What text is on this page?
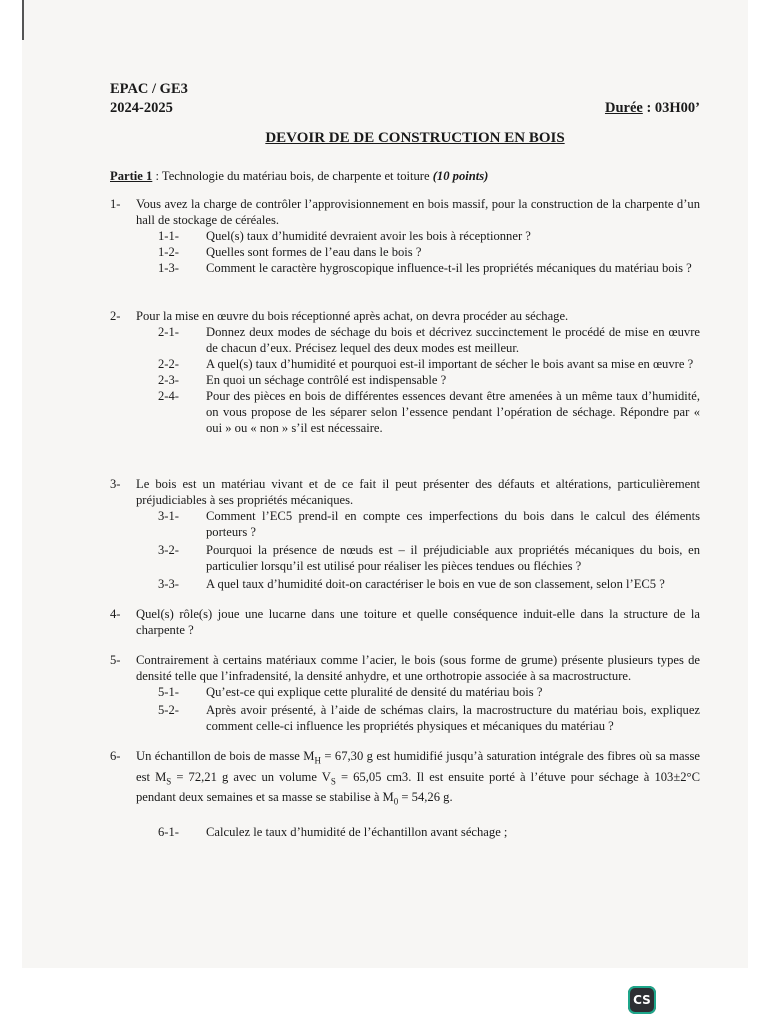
EPAC / GE3
2024-2025	Durée : 03H00’
DEVOIR DE DE CONSTRUCTION EN BOIS
Partie 1 : Technologie du matériau bois, de charpente et toiture (10 points)
1-	Vous avez la charge de contrôler l’approvisionnement en bois massif, pour la construction de la charpente d’un hall de stockage de céréales.
1-1-	Quel(s) taux d’humidité devraient avoir les bois à réceptionner ?
1-2-	Quelles sont formes de l’eau dans le bois ?
1-3-	Comment le caractère hygroscopique influence-t-il les propriétés mécaniques du matériau bois ?
2-	Pour la mise en œuvre du bois réceptionné après achat, on devra procéder au séchage.
2-1-	Donnez deux modes de séchage du bois et décrivez succinctement le procédé de mise en œuvre de chacun d’eux. Précisez lequel des deux modes est meilleur.
2-2-	A quel(s) taux d’humidité et pourquoi est-il important de sécher le bois avant sa mise en œuvre ?
2-3-	En quoi un séchage contrôlé est indispensable ?
2-4-	Pour des pièces en bois de différentes essences devant être amenées à un même taux d’humidité, on vous propose de les séparer selon l’essence pendant l’opération de séchage. Répondre par « oui » ou « non » s’il est nécessaire.
3-	Le bois est un matériau vivant et de ce fait il peut présenter des défauts et altérations, particulièrement préjudiciables à ses propriétés mécaniques.
3-1-	Comment l’EC5 prend-il en compte ces imperfections du bois dans le calcul des éléments porteurs ?
3-2-	Pourquoi la présence de nœuds est – il préjudiciable aux propriétés mécaniques du bois, en particulier lorsqu’il est utilisé pour réaliser les pièces tendues ou fléchies ?
3-3-	A quel taux d’humidité doit-on caractériser le bois en vue de son classement, selon l’EC5 ?
4-	Quel(s) rôle(s) joue une lucarne dans une toiture et quelle conséquence induit-elle dans la structure de la charpente ?
5-	Contrairement à certains matériaux comme l’acier, le bois (sous forme de grume) présente plusieurs types de densité telle que l’infradensité, la densité anhydre, et une orthotropie associée à sa macrostructure.
5-1-	Qu’est-ce qui explique cette pluralité de densité du matériau bois ?
5-2-	Après avoir présenté, à l’aide de schémas clairs, la macrostructure du matériau bois, expliquez comment celle-ci influence les propriétés physiques et mécaniques du matériau ?
6-	Un échantillon de bois de masse $M_H = 67,30$ g est humidifié jusqu’à saturation intégrale des fibres où sa masse est $M_S = 72,21$ g avec un volume $V_S = 65,05$ cm3. Il est ensuite porté à l’étuve pour séchage à 103±2°C pendant deux semaines et sa masse se stabilise à $M_0 = 54,26$ g.
6-1-	Calculez le taux d’humidité de l’échantillon avant séchage ;
CS
